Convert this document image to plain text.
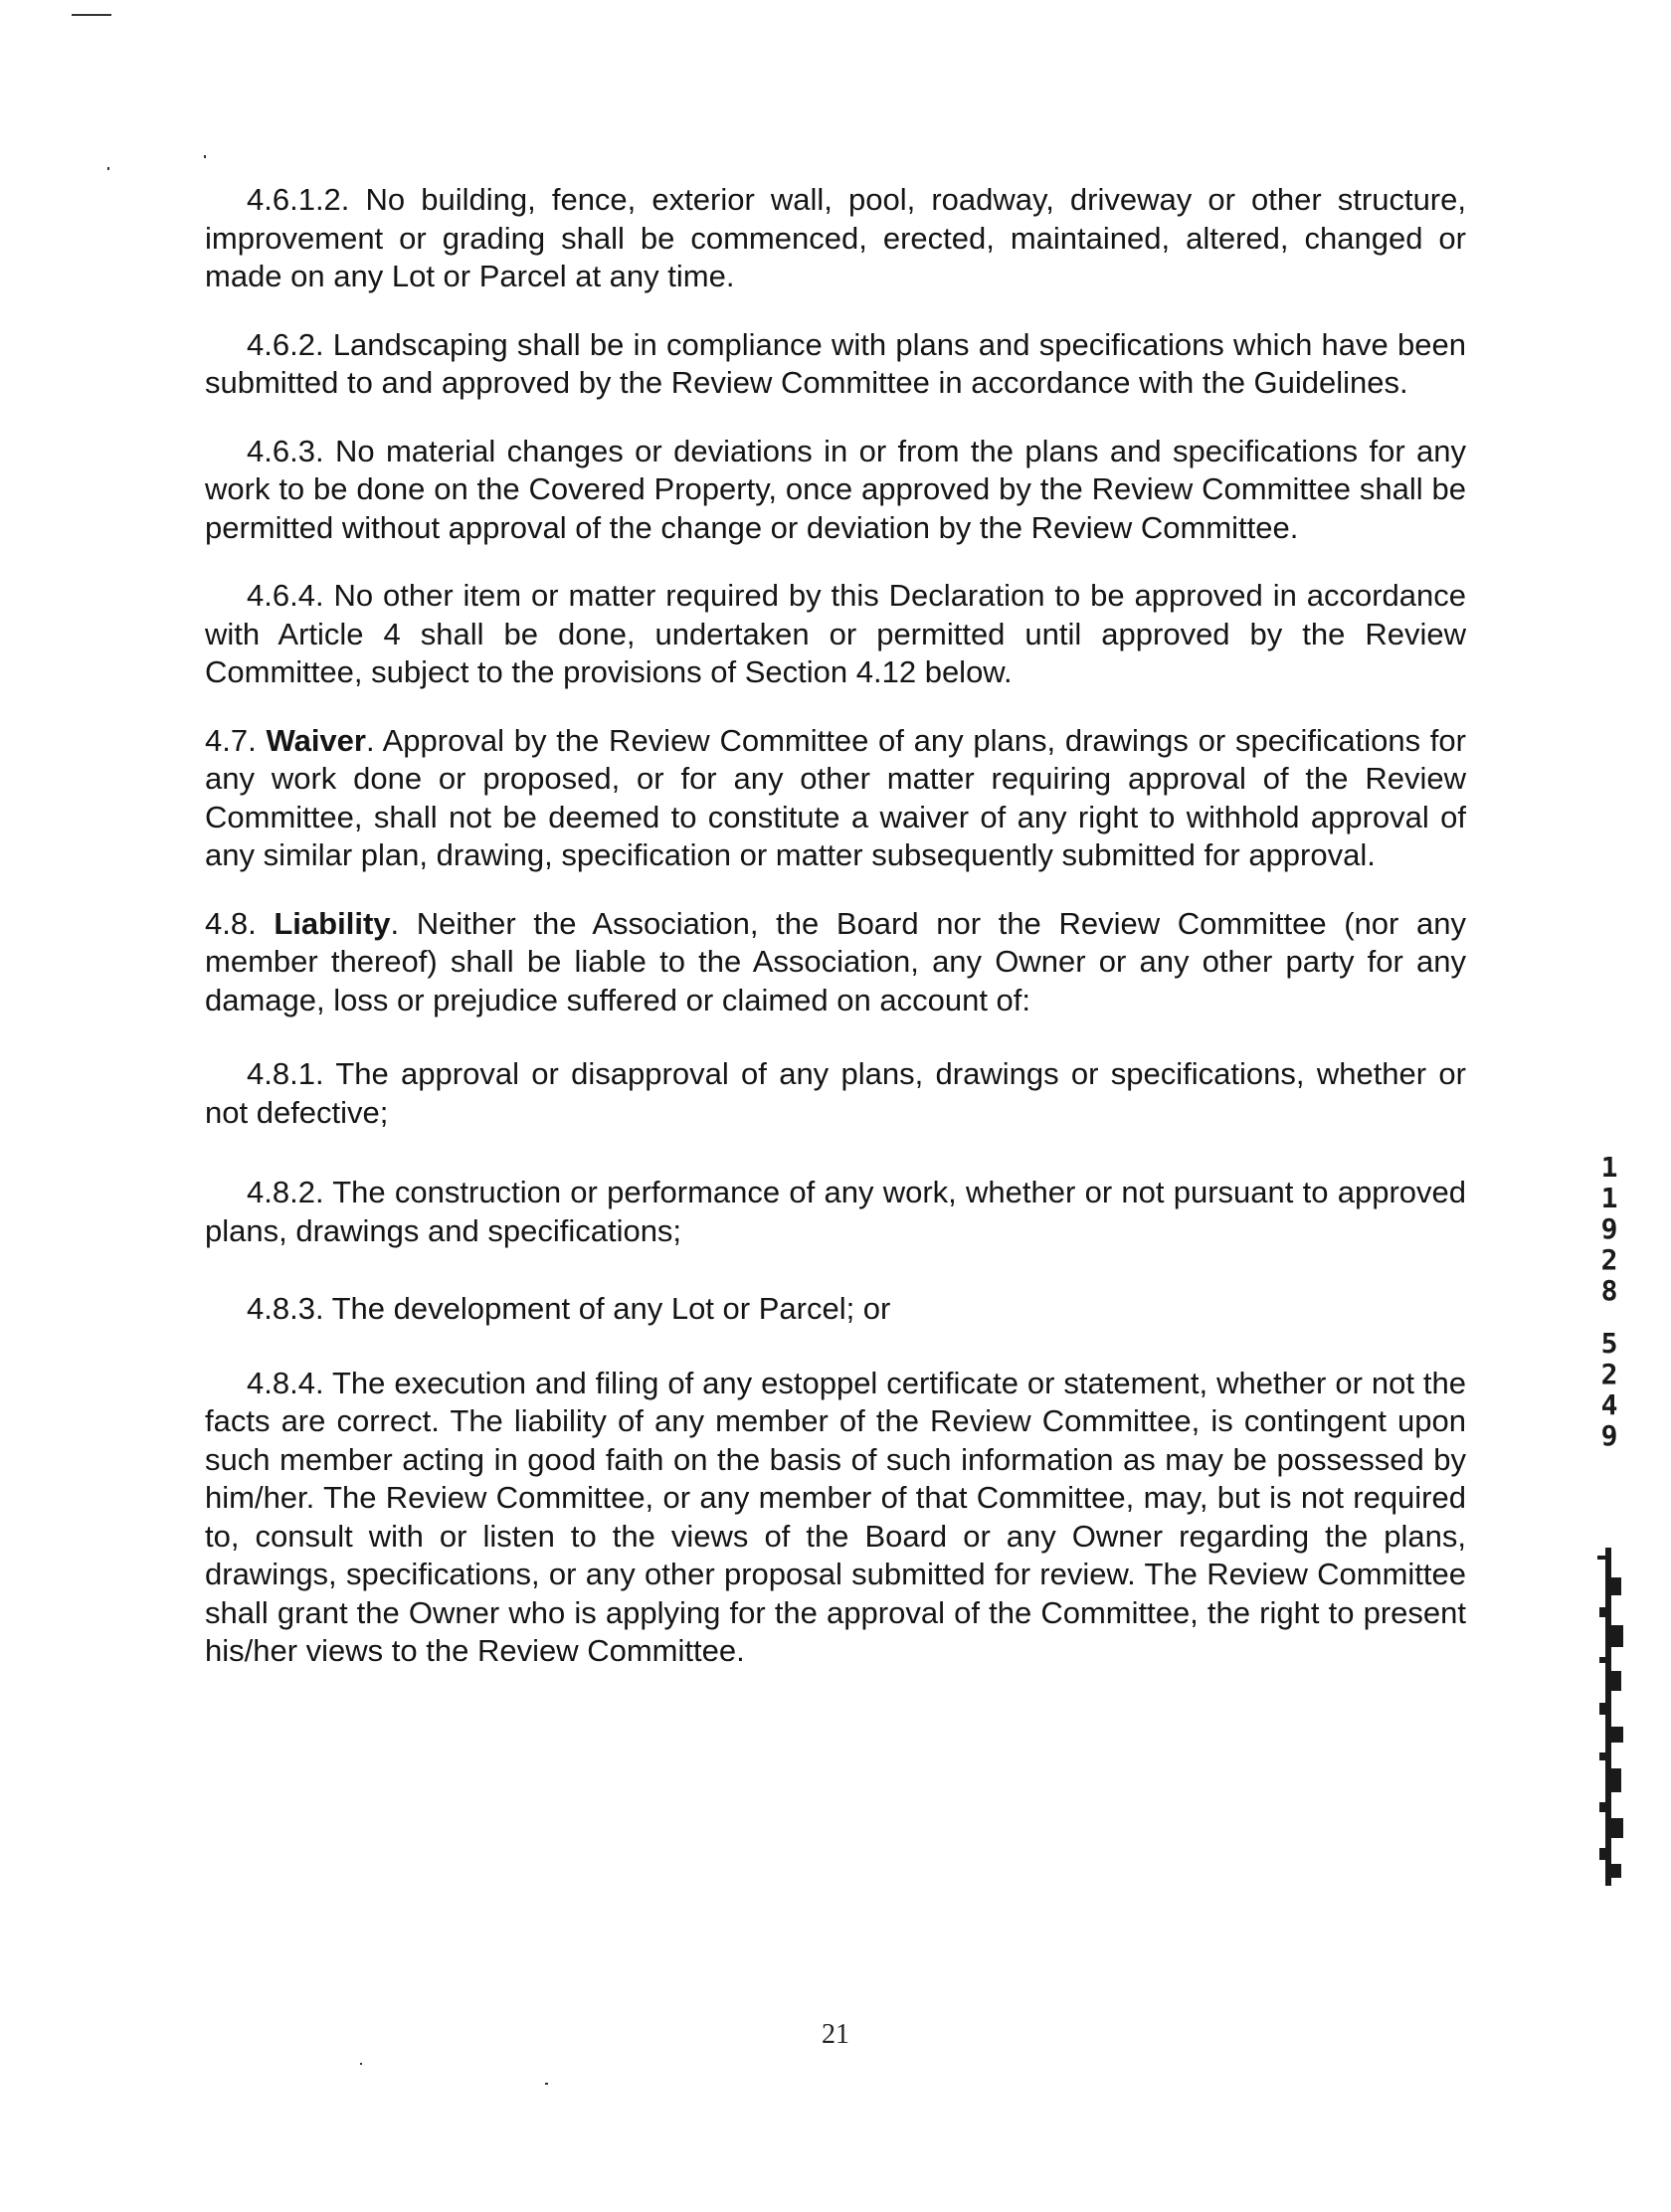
4.6.1.2. No building, fence, exterior wall, pool, roadway, driveway or other structure, improvement or grading shall be commenced, erected, maintained, altered, changed or made on any Lot or Parcel at any time.

4.6.2. Landscaping shall be in compliance with plans and specifications which have been submitted to and approved by the Review Committee in accordance with the Guidelines.

4.6.3. No material changes or deviations in or from the plans and specifications for any work to be done on the Covered Property, once approved by the Review Committee shall be permitted without approval of the change or deviation by the Review Committee.

4.6.4. No other item or matter required by this Declaration to be approved in accordance with Article 4 shall be done, undertaken or permitted until approved by the Review Committee, subject to the provisions of Section 4.12 below.

4.7. Waiver. Approval by the Review Committee of any plans, drawings or specifications for any work done or proposed, or for any other matter requiring approval of the Review Committee, shall not be deemed to constitute a waiver of any right to withhold approval of any similar plan, drawing, specification or matter subsequently submitted for approval.

4.8. Liability. Neither the Association, the Board nor the Review Committee (nor any member thereof) shall be liable to the Association, any Owner or any other party for any damage, loss or prejudice suffered or claimed on account of:

4.8.1. The approval or disapproval of any plans, drawings or specifications, whether or not defective;

4.8.2. The construction or performance of any work, whether or not pursuant to approved plans, drawings and specifications;

4.8.3. The development of any Lot or Parcel; or

4.8.4. The execution and filing of any estoppel certificate or statement, whether or not the facts are correct. The liability of any member of the Review Committee, is contingent upon such member acting in good faith on the basis of such information as may be possessed by him/her. The Review Committee, or any member of that Committee, may, but is not required to, consult with or listen to the views of the Board or any Owner regarding the plans, drawings, specifications, or any other proposal submitted for review. The Review Committee shall grant the Owner who is applying for the approval of the Committee, the right to present his/her views to the Review Committee.

1
1
9
2
8
5
2
4
9
21
